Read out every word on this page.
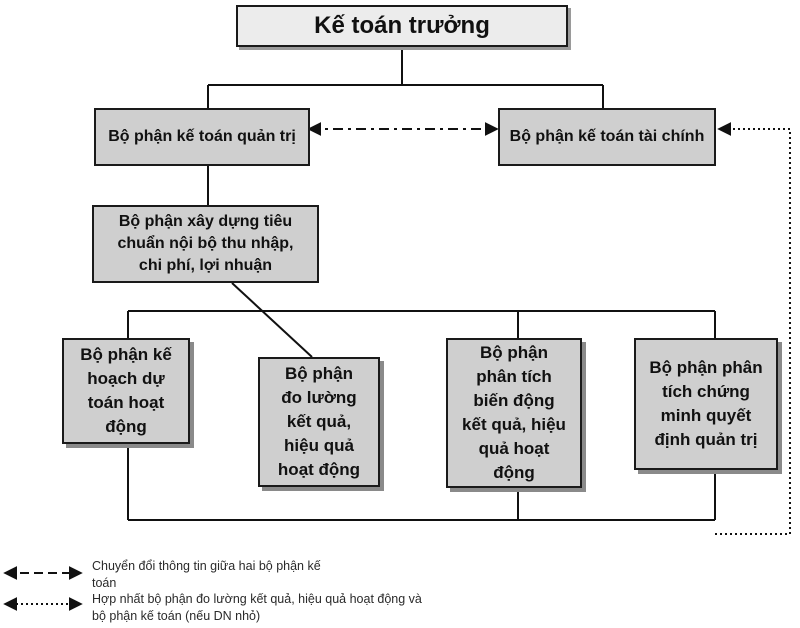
Kế toán trưởng
Bộ phận kế toán quản trị	Bộ phận kế toán tài chính
Bộ phận xây dựng tiêu chuẩn nội bộ thu nhập, chi phí, lợi nhuận
Bộ phận kế hoạch dự toán hoạt động
Bộ phận đo lường kết quả, hiệu quả hoạt động
Bộ phận phân tích biến động kết quả, hiệu quả hoạt động
Bộ phận phân tích chứng minh quyết định quản trị
Chuyển đổi thông tin giữa hai bộ phận kế toán
Hợp nhất bộ phận đo lường kết quả, hiệu quả hoạt động và bộ phận kế toán (nếu DN nhỏ)
